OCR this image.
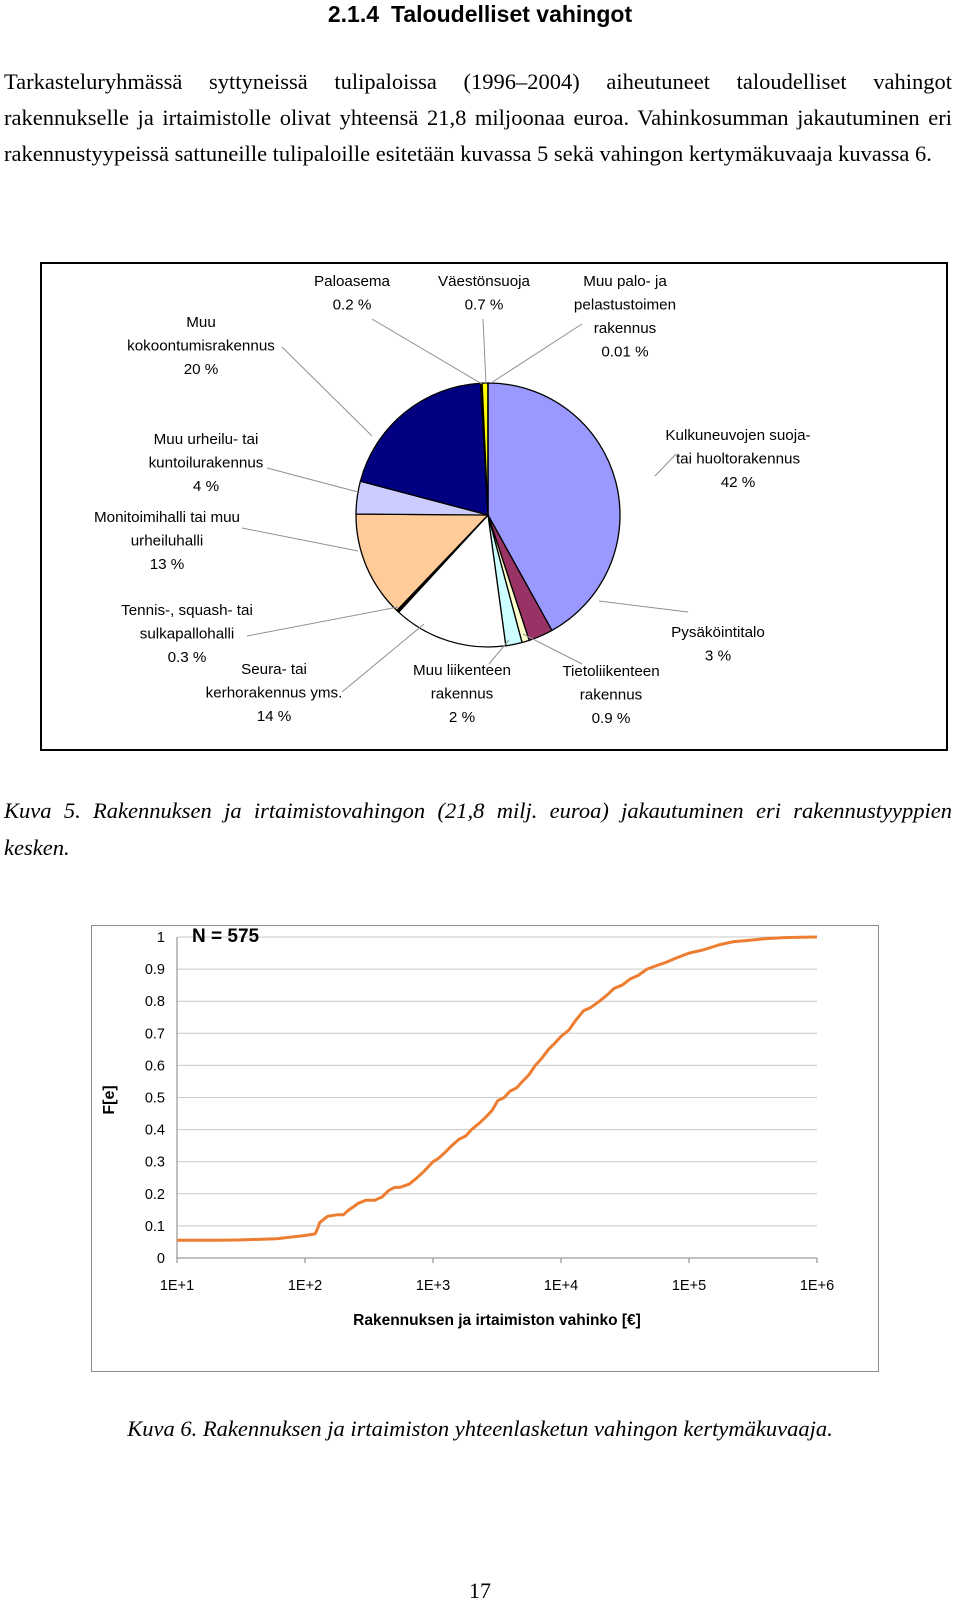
2.1.4 Taloudelliset vahingot
Tarkasteluryhmässä syttyneissä tulipaloissa (1996–2004) aiheutuneet taloudelliset vahingot rakennukselle ja irtaimistolle olivat yhteensä 21,8 miljoonaa euroa. Vahinkosumman jakautuminen eri rakennustyypeissä sattuneille tulipaloille esitetään kuvassa 5 sekä vahingon kertymäkuvaaja kuvassa 6.
Kulkuneuvojen suoja-tai huoltorakennus 42 %
Pysäköintitalo 3 %
Tietoliikenteen rakennus 0.9 %
Muu liikenteen rakennus 2 %
Seura- tai kerhorakennus yms. 14 %
Tennis-, squash- tai sulkapallohalli 0.3 %
Monitoimihalli tai muu urheiluhalli 13 %
Muu urheilu- tai kuntoilurakennus 4 %
Muu kokoontumisrakennus 20 %
Paloasema 0.2 %
Väestönsuoja 0.7 %
Muu palo- ja pelastustoimen rakennus 0.01 %
Kuva 5. Rakennuksen ja irtaimistovahingon (21,8 milj. euroa) jakautuminen eri rakennustyyppien kesken.
0
0.1
0.2
0.3
0.4
0.5
0.6
0.7
0.8
0.9
1
1E+1	1E+2	1E+3	1E+4	1E+5	1E+6
N = 575
Rakennuksen ja irtaimiston vahinko [€]
F[e]
Kuva 6. Rakennuksen ja irtaimiston yhteenlasketun vahingon kertymäkuvaaja.
17
